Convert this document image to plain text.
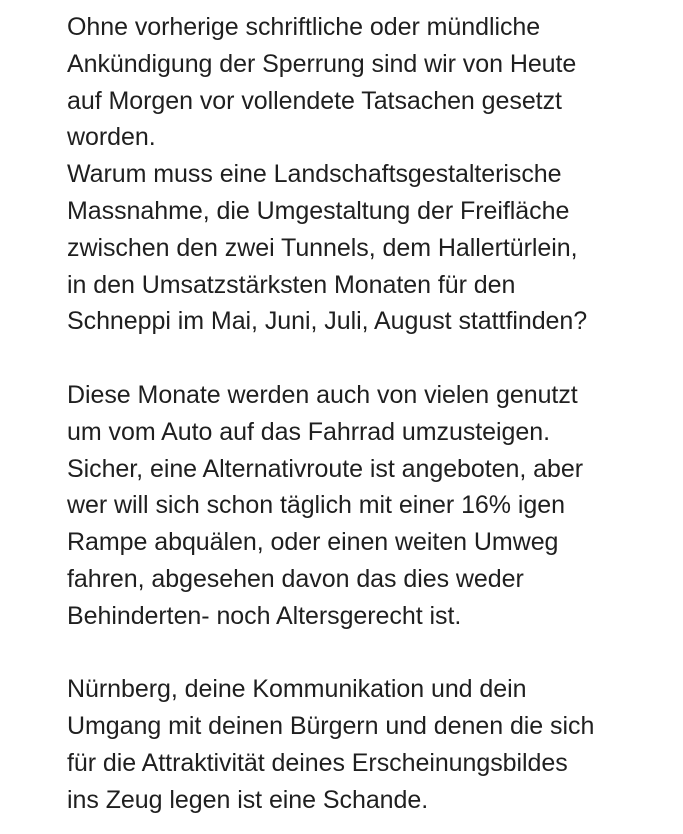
Ohne vorherige schriftliche oder mündliche
Ankündigung der Sperrung sind wir von Heute
auf Morgen vor vollendete Tatsachen gesetzt
worden.
Warum muss eine Landschaftsgestalterische
Massnahme, die Umgestaltung der Freifläche
zwischen den zwei Tunnels, dem Hallertürlein,
in den Umsatzstärksten Monaten für den
Schneppi im Mai, Juni, Juli, August stattfinden?
Diese Monate werden auch von vielen genutzt
um vom Auto auf das Fahrrad umzusteigen.
Sicher, eine Alternativroute ist angeboten, aber
wer will sich schon täglich mit einer 16% igen
Rampe abquälen, oder einen weiten Umweg
fahren, abgesehen davon das dies weder
Behinderten- noch Altersgerecht ist.
Nürnberg, deine Kommunikation und dein
Umgang mit deinen Bürgern und denen die sich
für die Attraktivität deines Erscheinungsbildes
ins Zeug legen ist eine Schande.
